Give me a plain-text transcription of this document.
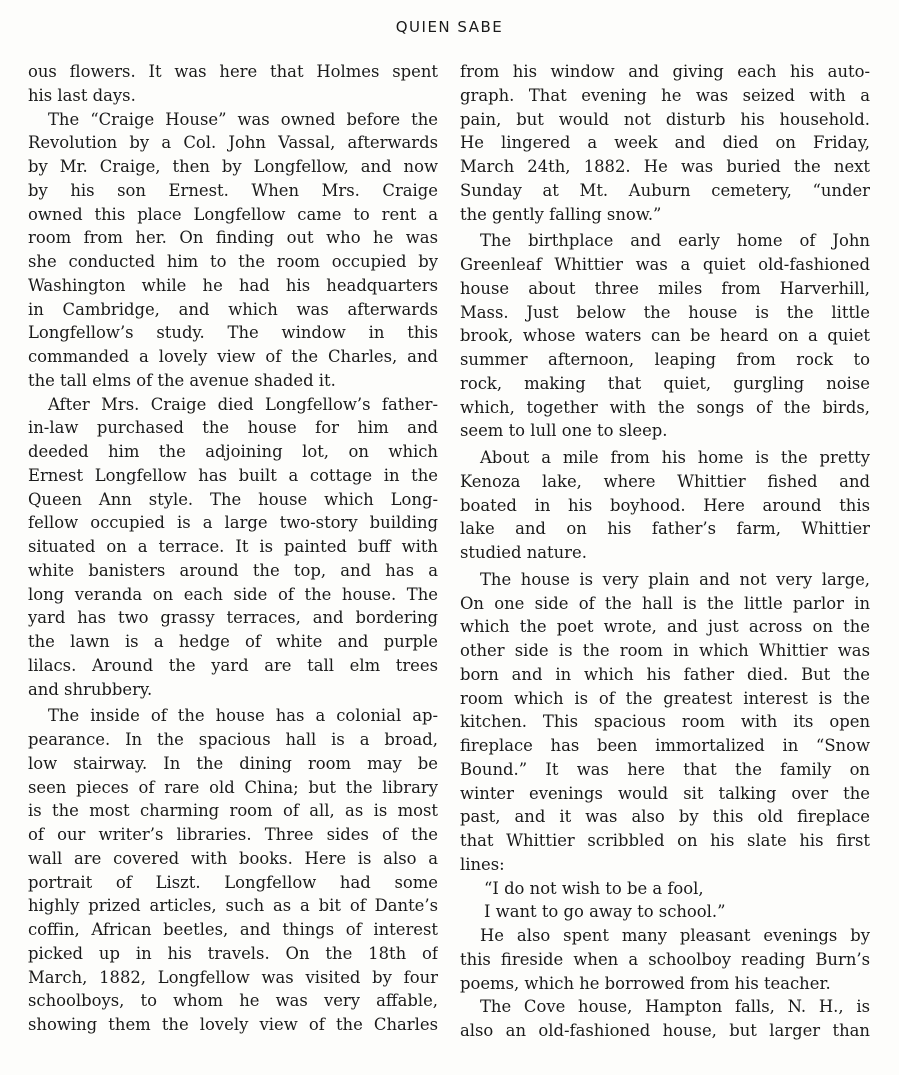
QUIEN SABE
ous flowers. It was here that Holmes spent
his last days.
The “Craige House” was owned before the
Revolution by a Col. John Vassal, afterwards
by Mr. Craige, then by Longfellow, and now
by his son Ernest. When Mrs. Craige
owned this place Longfellow came to rent a
room from her. On finding out who he was
she conducted him to the room occupied by
Washington while he had his headquarters
in Cambridge, and which was afterwards
Longfellow’s study. The window in this
commanded a lovely view of the Charles, and
the tall elms of the avenue shaded it.
After Mrs. Craige died Longfellow’s father-
in-law purchased the house for him and
deeded him the adjoining lot, on which
Ernest Longfellow has built a cottage in the
Queen Ann style. The house which Long-
fellow occupied is a large two-story building
situated on a terrace. It is painted buff with
white banisters around the top, and has a
long veranda on each side of the house. The
yard has two grassy terraces, and bordering
the lawn is a hedge of white and purple
lilacs. Around the yard are tall elm trees
and shrubbery.
The inside of the house has a colonial ap-
pearance. In the spacious hall is a broad,
low stairway. In the dining room may be
seen pieces of rare old China; but the library
is the most charming room of all, as is most
of our writer’s libraries. Three sides of the
wall are covered with books. Here is also a
portrait of Liszt. Longfellow had some
highly prized articles, such as a bit of Dante’s
coffin, African beetles, and things of interest
picked up in his travels. On the 18th of
March, 1882, Longfellow was visited by four
schoolboys, to whom he was very affable,
showing them the lovely view of the Charles
from his window and giving each his auto-
graph. That evening he was seized with a
pain, but would not disturb his household.
He lingered a week and died on Friday,
March 24th, 1882. He was buried the next
Sunday at Mt. Auburn cemetery, “under
the gently falling snow.”
The birthplace and early home of John
Greenleaf Whittier was a quiet old-fashioned
house about three miles from Harverhill,
Mass. Just below the house is the little
brook, whose waters can be heard on a quiet
summer afternoon, leaping from rock to
rock, making that quiet, gurgling noise
which, together with the songs of the birds,
seem to lull one to sleep.
About a mile from his home is the pretty
Kenoza lake, where Whittier fished and
boated in his boyhood. Here around this
lake and on his father’s farm, Whittier
studied nature.
The house is very plain and not very large,
On one side of the hall is the little parlor in
which the poet wrote, and just across on the
other side is the room in which Whittier was
born and in which his father died. But the
room which is of the greatest interest is the
kitchen. This spacious room with its open
fireplace has been immortalized in “Snow
Bound.” It was here that the family on
winter evenings would sit talking over the
past, and it was also by this old fireplace
that Whittier scribbled on his slate his first
lines:
“I do not wish to be a fool,
I want to go away to school.”
He also spent many pleasant evenings by
this fireside when a schoolboy reading Burn’s
poems, which he borrowed from his teacher.
The Cove house, Hampton falls, N. H., is
also an old-fashioned house, but larger than
